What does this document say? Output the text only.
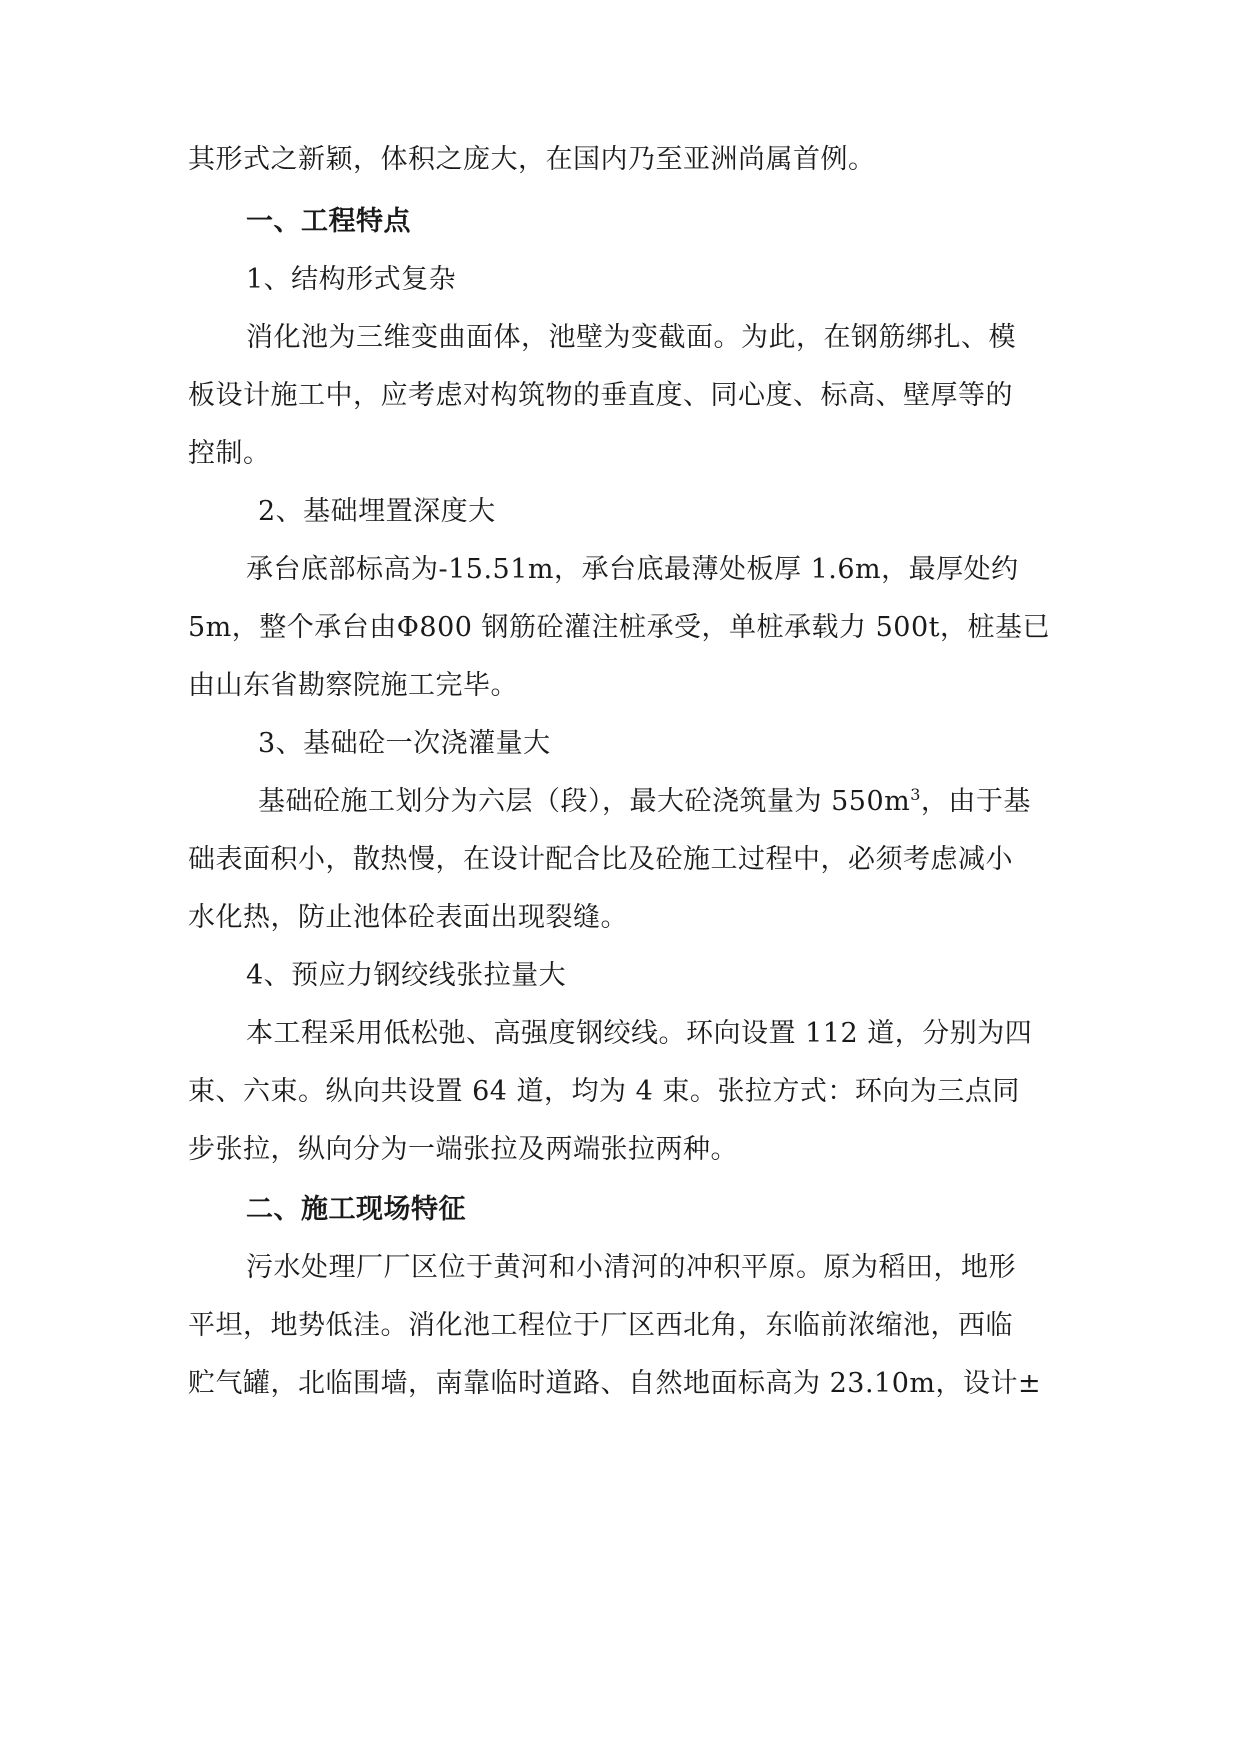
其形式之新颖，体积之庞大，在国内乃至亚洲尚属首例。
一、工程特点
1、结构形式复杂
消化池为三维变曲面体，池壁为变截面。为此，在钢筋绑扎、模
板设计施工中，应考虑对构筑物的垂直度、同心度、标高、壁厚等的
控制。
2、基础埋置深度大
承台底部标高为-15.51m，承台底最薄处板厚 1.6m，最厚处约
5m，整个承台由Φ800 钢筋砼灌注桩承受，单桩承载力 500t，桩基已
由山东省勘察院施工完毕。
3、基础砼一次浇灌量大
基础砼施工划分为六层（段），最大砼浇筑量为 $550m^3$，由于基
础表面积小，散热慢，在设计配合比及砼施工过程中，必须考虑减小
水化热，防止池体砼表面出现裂缝。
4、预应力钢绞线张拉量大
本工程采用低松弛、高强度钢绞线。环向设置 112 道，分别为四
束、六束。纵向共设置 64 道，均为 4 束。张拉方式：环向为三点同
步张拉，纵向分为一端张拉及两端张拉两种。
二、施工现场特征
污水处理厂厂区位于黄河和小清河的冲积平原。原为稻田，地形
平坦，地势低洼。消化池工程位于厂区西北角，东临前浓缩池，西临
贮气罐，北临围墙，南靠临时道路、自然地面标高为 23.10m，设计±
